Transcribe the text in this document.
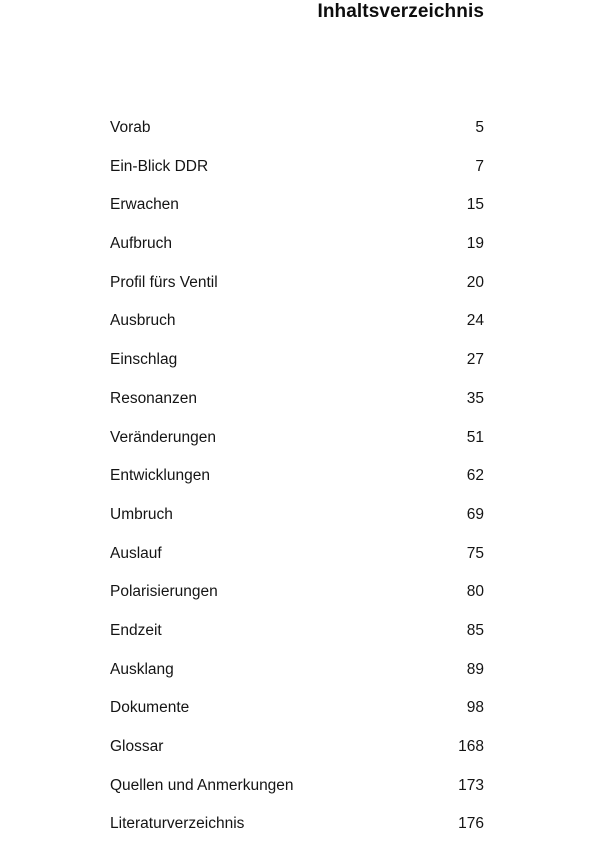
Inhaltsverzeichnis
Vorab	5
Ein-Blick DDR	7
Erwachen	15
Aufbruch	19
Profil fürs Ventil	20
Ausbruch	24
Einschlag	27
Resonanzen	35
Veränderungen	51
Entwicklungen	62
Umbruch	69
Auslauf	75
Polarisierungen	80
Endzeit	85
Ausklang	89
Dokumente	98
Glossar	168
Quellen und Anmerkungen	173
Literaturverzeichnis	176
